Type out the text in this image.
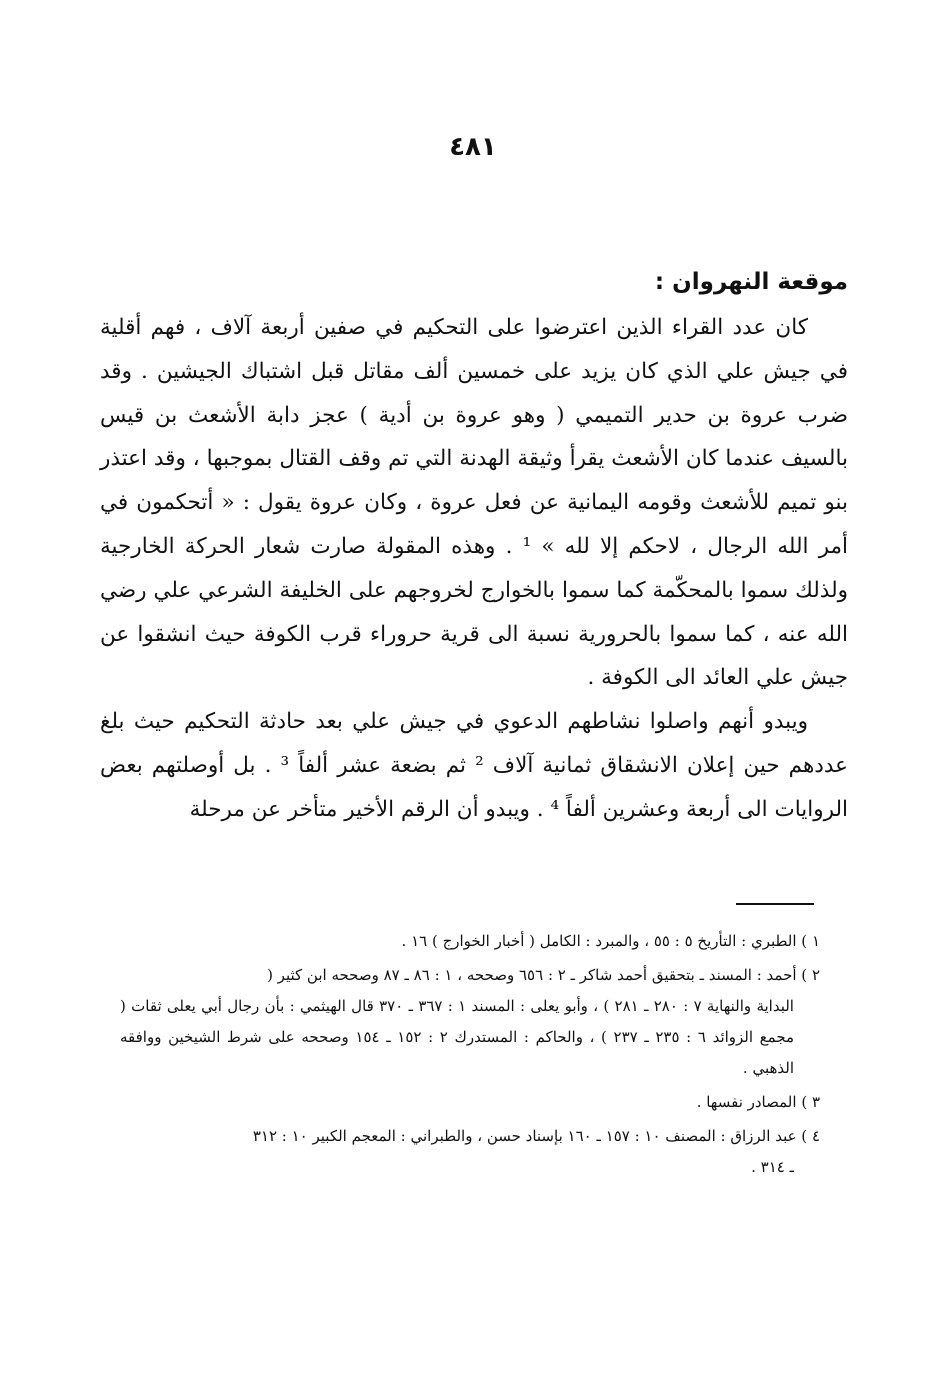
٤٨١
موقعة النهروان :

كان عدد القراء الذين اعترضوا على التحكيم في صفين أربعة آلاف ، فهم أقلية في جيش علي الذي كان يزيد على خمسين ألف مقاتل قبل اشتباك الجيشين . وقد ضرب عروة بن حدير التميمي ( وهو عروة بن أدية ) عجز دابة الأشعث بن قيس بالسيف عندما كان الأشعث يقرأ وثيقة الهدنة التي تم وقف القتال بموجبها ، وقد اعتذر بنو تميم للأشعث وقومه اليمانية عن فعل عروة ، وكان عروة يقول : « أتحكمون في أمر الله الرجال ، لاحكم إلا لله » ¹ . وهذه المقولة صارت شعار الحركة الخارجية ولذلك سموا بالمحكّمة كما سموا بالخوارج لخروجهم على الخليفة الشرعي علي رضي الله عنه ، كما سموا بالحرورية نسبة الى قرية حروراء قرب الكوفة حيث انشقوا عن جيش علي العائد الى الكوفة .

ويبدو أنهم واصلوا نشاطهم الدعوي في جيش علي بعد حادثة التحكيم حيث بلغ عددهم حين إعلان الانشقاق ثمانية آلاف ² ثم بضعة عشر ألفاً ³ . بل أوصلتهم بعض الروايات الى أربعة وعشرين ألفاً ⁴ . ويبدو أن الرقم الأخير متأخر عن مرحلة

١ ) الطبري : التأريخ ٥ : ٥٥ ، والمبرد : الكامل ( أخبار الخوارج ) ١٦ .

٢ ) أحمد : المسند ـ بتحقيق أحمد شاكر ـ ٢ : ٦٥٦ وصححه ، ١ : ٨٦ ـ ٨٧ وصححه ابن كثير (
البداية والنهاية ٧ : ٢٨٠ ـ ٢٨١ ) ، وأبو يعلى : المسند ١ : ٣٦٧ ـ ٣٧٠ قال الهيثمي : بأن رجال أبي يعلى ثقات ( مجمع الزوائد ٦ : ٢٣٥ ـ ٢٣٧ ) ، والحاكم : المستدرك ٢ : ١٥٢ ـ ١٥٤ وصححه على شرط الشيخين ووافقه الذهبي .

٣ ) المصادر نفسها .

٤ ) عبد الرزاق : المصنف ١٠ : ١٥٧ ـ ١٦٠ بإسناد حسن ، والطبراني : المعجم الكبير ١٠ : ٣١٢
ـ ٣١٤ .
